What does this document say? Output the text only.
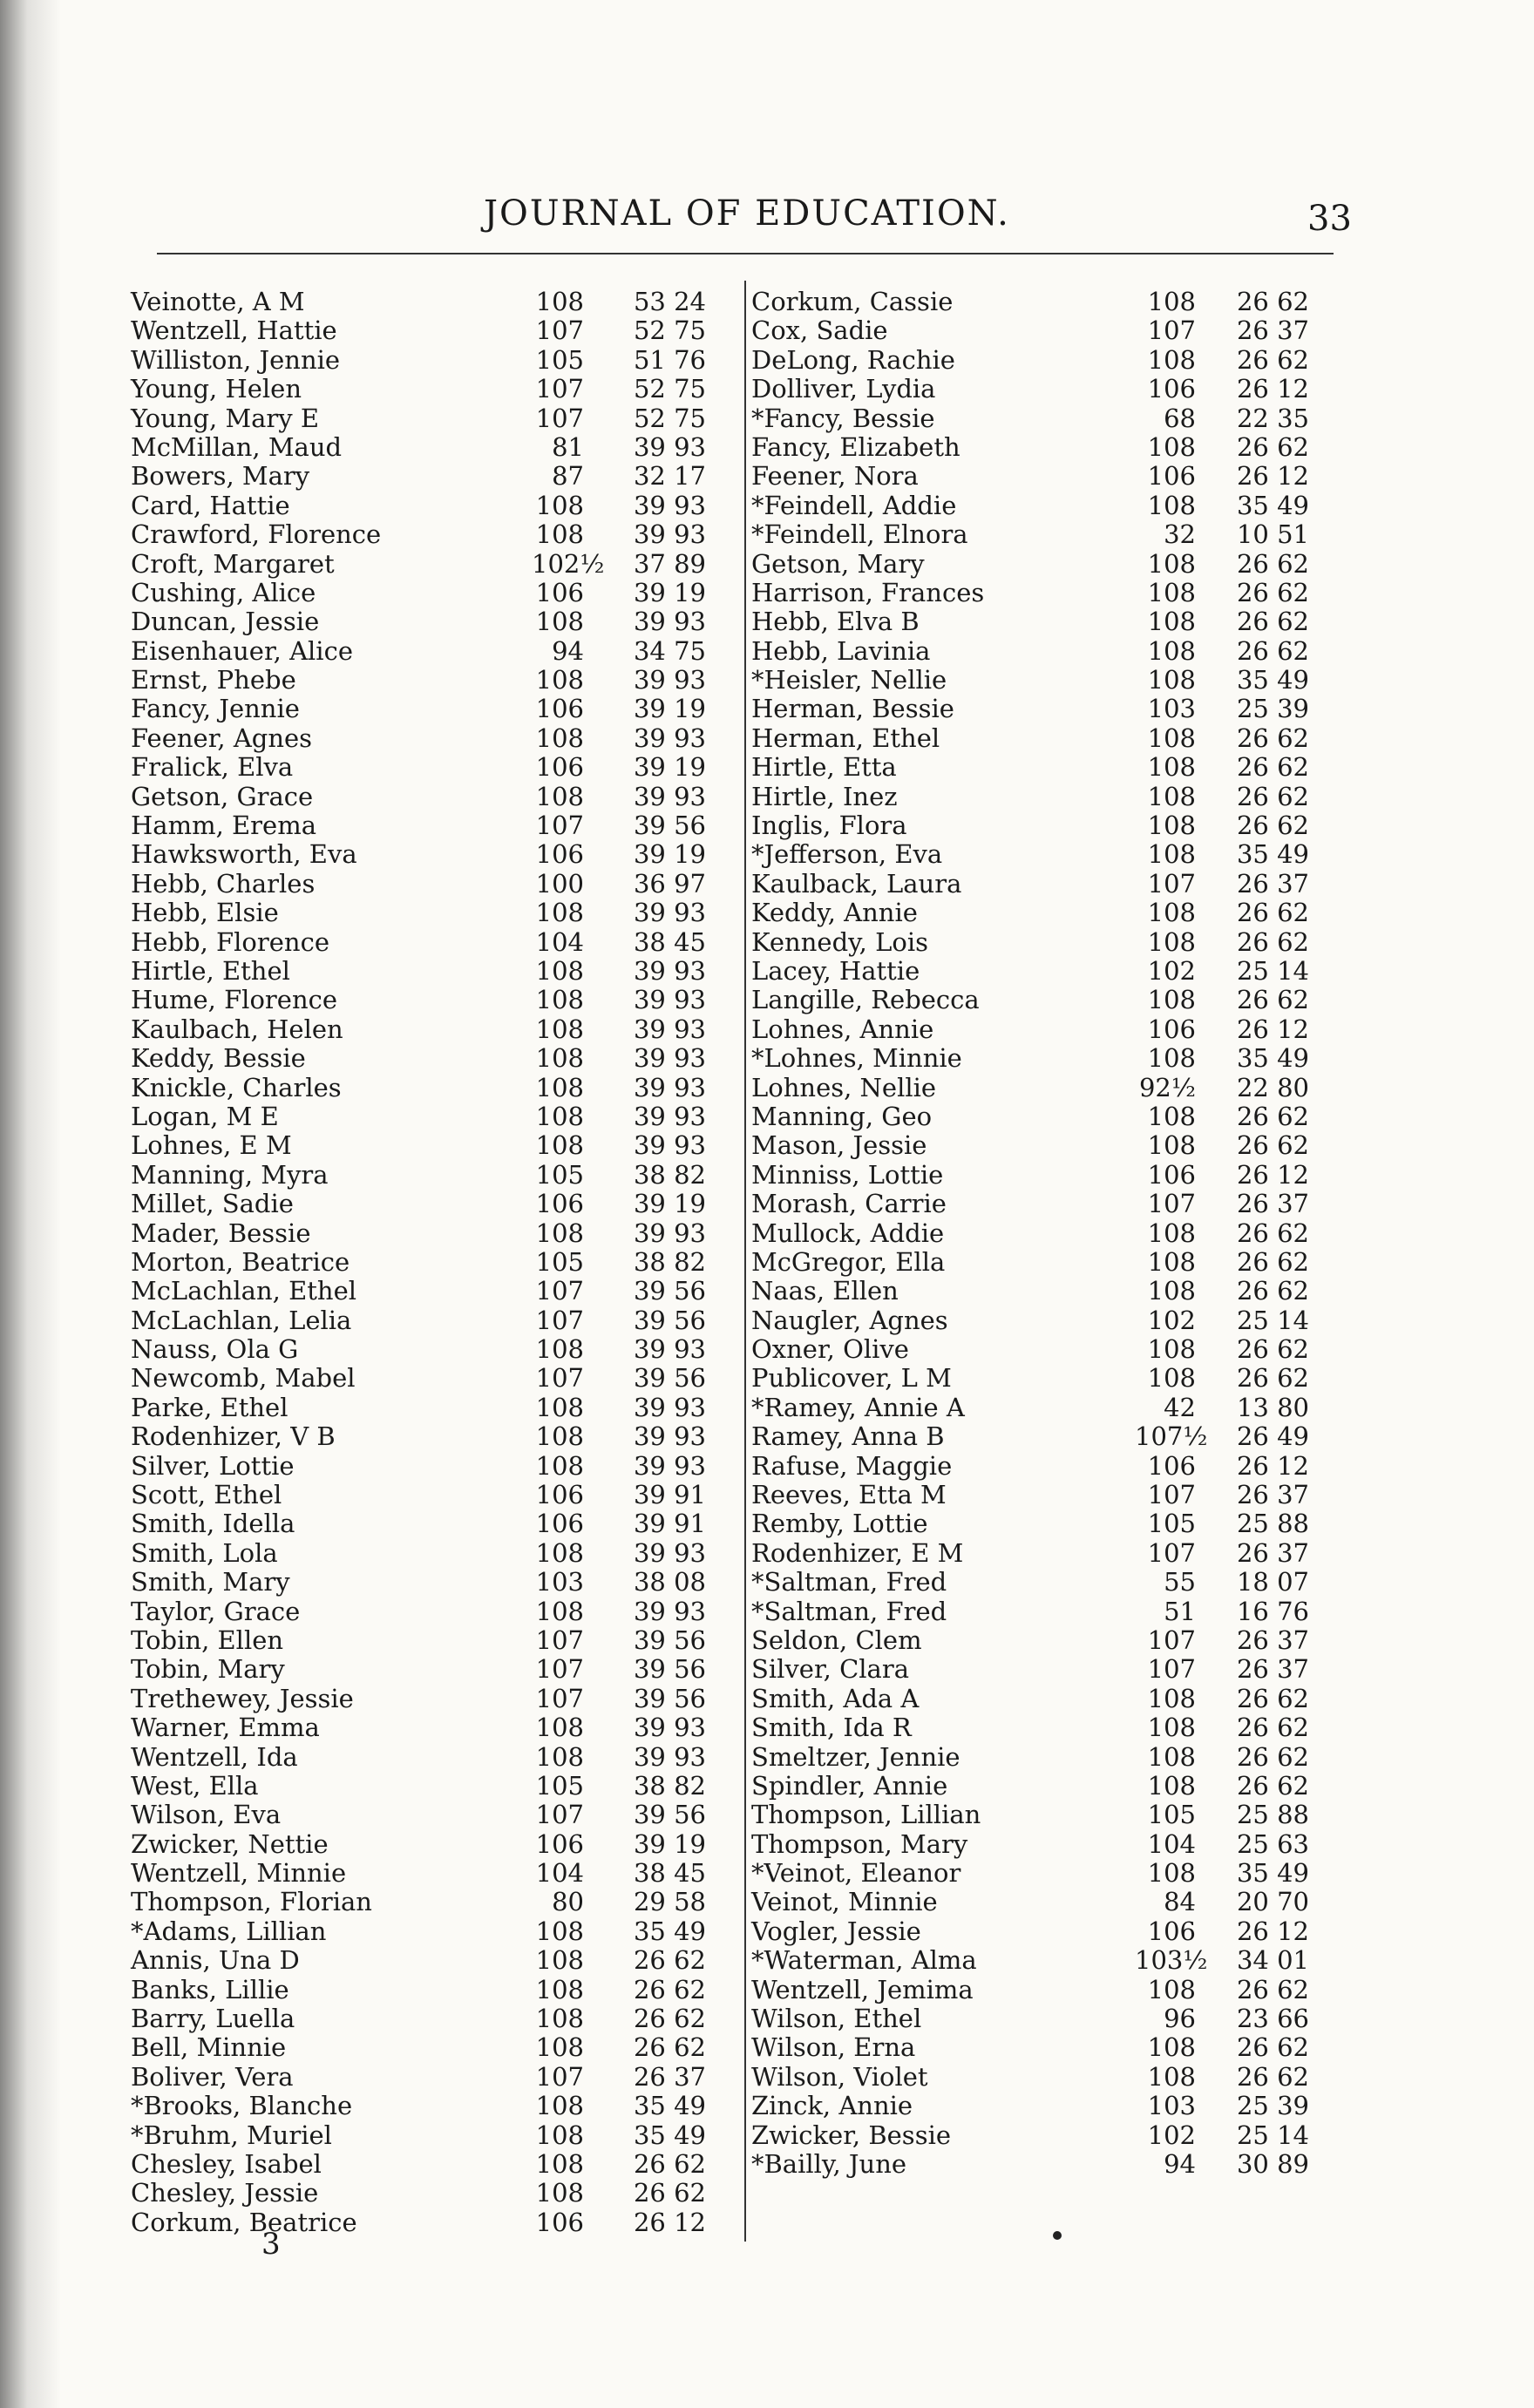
JOURNAL OF EDUCATION.	33
Veinotte, A M	108	53 24
Wentzell, Hattie	107	52 75
Williston, Jennie	105	51 76
Young, Helen	107	52 75
Young, Mary E	107	52 75
McMillan, Maud	81	39 93
Bowers, Mary	87	32 17
Card, Hattie	108	39 93
Crawford, Florence	108	39 93
Croft, Margaret	102½	37 89
Cushing, Alice	106	39 19
Duncan, Jessie	108	39 93
Eisenhauer, Alice	94	34 75
Ernst, Phebe	108	39 93
Fancy, Jennie	106	39 19
Feener, Agnes	108	39 93
Fralick, Elva	106	39 19
Getson, Grace	108	39 93
Hamm, Erema	107	39 56
Hawksworth, Eva	106	39 19
Hebb, Charles	100	36 97
Hebb, Elsie	108	39 93
Hebb, Florence	104	38 45
Hirtle, Ethel	108	39 93
Hume, Florence	108	39 93
Kaulbach, Helen	108	39 93
Keddy, Bessie	108	39 93
Knickle, Charles	108	39 93
Logan, M E	108	39 93
Lohnes, E M	108	39 93
Manning, Myra	105	38 82
Millet, Sadie	106	39 19
Mader, Bessie	108	39 93
Morton, Beatrice	105	38 82
McLachlan, Ethel	107	39 56
McLachlan, Lelia	107	39 56
Nauss, Ola G	108	39 93
Newcomb, Mabel	107	39 56
Parke, Ethel	108	39 93
Rodenhizer, V B	108	39 93
Silver, Lottie	108	39 93
Scott, Ethel	106	39 91
Smith, Idella	106	39 91
Smith, Lola	108	39 93
Smith, Mary	103	38 08
Taylor, Grace	108	39 93
Tobin, Ellen	107	39 56
Tobin, Mary	107	39 56
Trethewey, Jessie	107	39 56
Warner, Emma	108	39 93
Wentzell, Ida	108	39 93
West, Ella	105	38 82
Wilson, Eva	107	39 56
Zwicker, Nettie	106	39 19
Wentzell, Minnie	104	38 45
Thompson, Florian	80	29 58
*Adams, Lillian	108	35 49
Annis, Una D	108	26 62
Banks, Lillie	108	26 62
Barry, Luella	108	26 62
Bell, Minnie	108	26 62
Boliver, Vera	107	26 37
*Brooks, Blanche	108	35 49
*Bruhm, Muriel	108	35 49
Chesley, Isabel	108	26 62
Chesley, Jessie	108	26 62
Corkum, Beatrice	106	26 12
Corkum, Cassie	108	26 62
Cox, Sadie	107	26 37
DeLong, Rachie	108	26 62
Dolliver, Lydia	106	26 12
*Fancy, Bessie	68	22 35
Fancy, Elizabeth	108	26 62
Feener, Nora	106	26 12
*Feindell, Addie	108	35 49
*Feindell, Elnora	32	10 51
Getson, Mary	108	26 62
Harrison, Frances	108	26 62
Hebb, Elva B	108	26 62
Hebb, Lavinia	108	26 62
*Heisler, Nellie	108	35 49
Herman, Bessie	103	25 39
Herman, Ethel	108	26 62
Hirtle, Etta	108	26 62
Hirtle, Inez	108	26 62
Inglis, Flora	108	26 62
*Jefferson, Eva	108	35 49
Kaulback, Laura	107	26 37
Keddy, Annie	108	26 62
Kennedy, Lois	108	26 62
Lacey, Hattie	102	25 14
Langille, Rebecca	108	26 62
Lohnes, Annie	106	26 12
*Lohnes, Minnie	108	35 49
Lohnes, Nellie	92½	22 80
Manning, Geo	108	26 62
Mason, Jessie	108	26 62
Minniss, Lottie	106	26 12
Morash, Carrie	107	26 37
Mullock, Addie	108	26 62
McGregor, Ella	108	26 62
Naas, Ellen	108	26 62
Naugler, Agnes	102	25 14
Oxner, Olive	108	26 62
Publicover, L M	108	26 62
*Ramey, Annie A	42	13 80
Ramey, Anna B	107½	26 49
Rafuse, Maggie	106	26 12
Reeves, Etta M	107	26 37
Remby, Lottie	105	25 88
Rodenhizer, E M	107	26 37
*Saltman, Fred	55	18 07
*Saltman, Fred	51	16 76
Seldon, Clem	107	26 37
Silver, Clara	107	26 37
Smith, Ada A	108	26 62
Smith, Ida R	108	26 62
Smeltzer, Jennie	108	26 62
Spindler, Annie	108	26 62
Thompson, Lillian	105	25 88
Thompson, Mary	104	25 63
*Veinot, Eleanor	108	35 49
Veinot, Minnie	84	20 70
Vogler, Jessie	106	26 12
*Waterman, Alma	103½	34 01
Wentzell, Jemima	108	26 62
Wilson, Ethel	96	23 66
Wilson, Erna	108	26 62
Wilson, Violet	108	26 62
Zinck, Annie	103	25 39
Zwicker, Bessie	102	25 14
*Bailly, June	94	30 89
3
